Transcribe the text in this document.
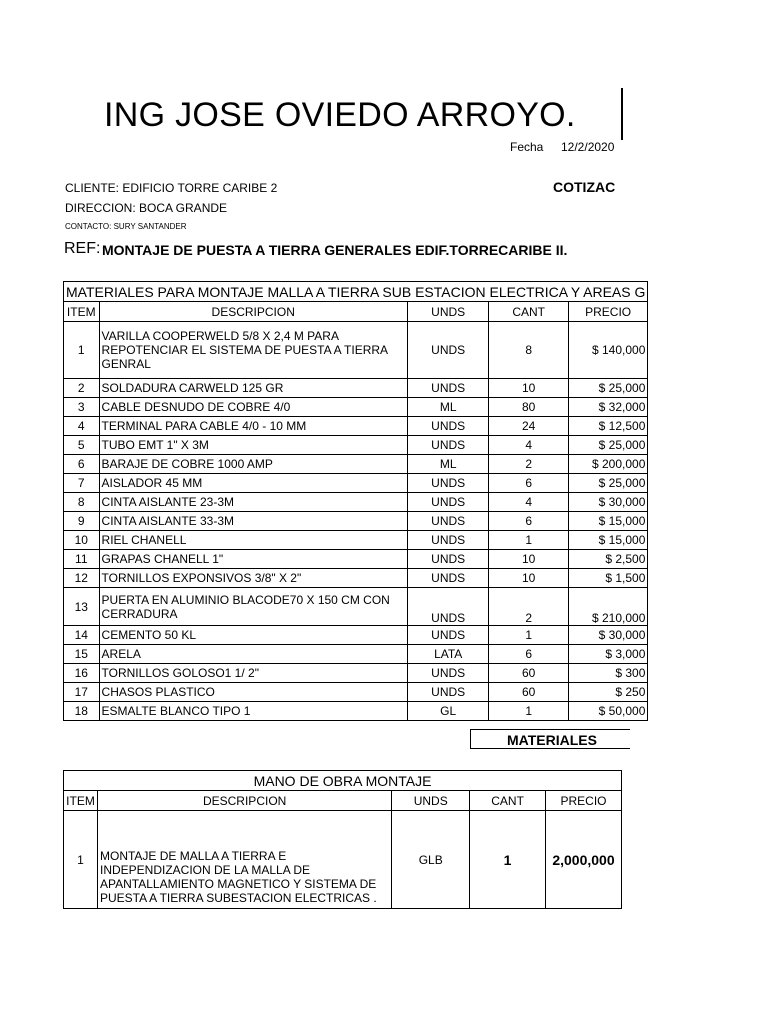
ING JOSE OVIEDO ARROYO.
Fecha 12/2/2020
COTIZAC
CLIENTE: EDIFICIO TORRE CARIBE 2
DIRECCION: BOCA GRANDE
CONTACTO: SURY SANTANDER
REF: MONTAJE DE PUESTA A TIERRA GENERALES EDIF.TORRECARIBE II.
MATERIALES PARA MONTAJE MALLA A TIERRA SUB ESTACION ELECTRICA Y AREAS G				
ITEM	DESCRIPCION	UNDS	CANT	PRECIO
1	VARILLA COOPERWELD 5/8 X 2,4 M PARA REPOTENCIAR EL SISTEMA DE PUESTA A TIERRA GENRAL	UNDS	8	$ 140,000
2	SOLDADURA CARWELD 125 GR	UNDS	10	$ 25,000
3	CABLE DESNUDO DE COBRE 4/0	ML	80	$ 32,000
4	TERMINAL PARA CABLE 4/0 - 10 MM	UNDS	24	$ 12,500
5	TUBO EMT 1" X 3M	UNDS	4	$ 25,000
6	BARAJE DE COBRE 1000 AMP	ML	2	$ 200,000
7	AISLADOR 45 MM	UNDS	6	$ 25,000
8	CINTA AISLANTE 23-3M	UNDS	4	$ 30,000
9	CINTA AISLANTE 33-3M	UNDS	6	$ 15,000
10	RIEL CHANELL	UNDS	1	$ 15,000
11	GRAPAS CHANELL 1"	UNDS	10	$ 2,500
12	TORNILLOS EXPONSIVOS 3/8" X 2"	UNDS	10	$ 1,500
13	PUERTA EN ALUMINIO BLACODE70 X 150 CM CON CERRADURA	UNDS	2	$ 210,000
14	CEMENTO 50 KL	UNDS	1	$ 30,000
15	ARELA	LATA	6	$ 3,000
16	TORNILLOS GOLOSO1 1/ 2"	UNDS	60	$ 300
17	CHASOS PLASTICO	UNDS	60	$ 250
18	ESMALTE BLANCO TIPO 1	GL	1	$ 50,000
MATERIALES
MANO DE OBRA MONTAJE				
ITEM	DESCRIPCION	UNDS	CANT	PRECIO
1	MONTAJE DE MALLA A TIERRA E INDEPENDIZACION DE LA MALLA DE APANTALLAMIENTO MAGNETICO Y SISTEMA DE PUESTA A TIERRA SUBESTACION ELECTRICAS .	GLB	1	2,000,000
